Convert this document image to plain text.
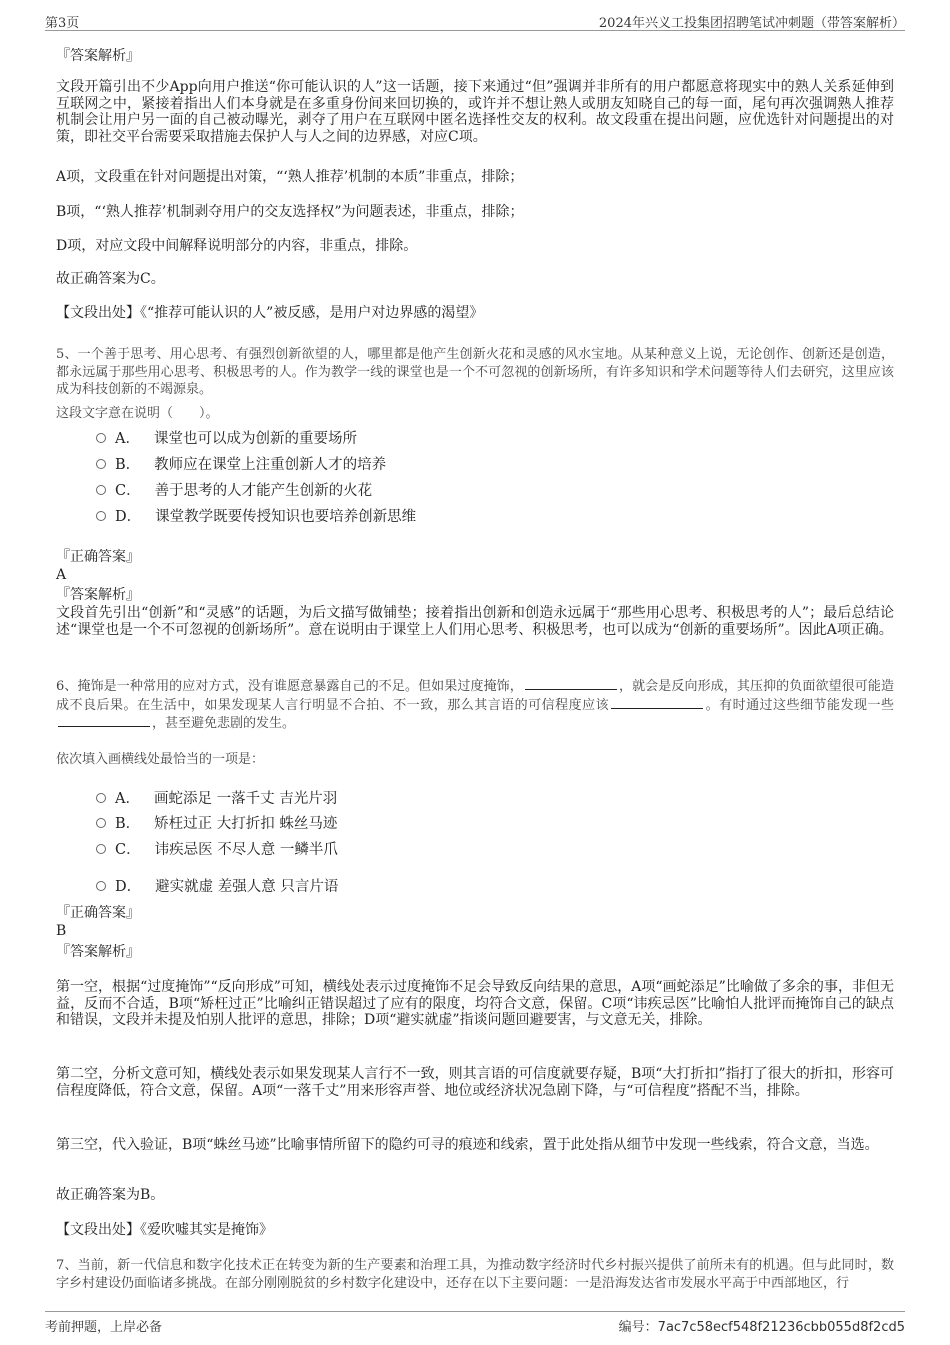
第3页	2024年兴义工投集团招聘笔试冲刺题（带答案解析）
『答案解析』
文段开篇引出不少App向用户推送“你可能认识的人”这一话题，接下来通过“但”强调并非所有的用户都愿意将现实中的熟人关系延伸到互联网之中，紧接着指出人们本身就是在多重身份间来回切换的，或许并不想让熟人或朋友知晓自己的每一面，尾句再次强调熟人推荐机制会让用户另一面的自己被动曝光，剥夺了用户在互联网中匿名选择性交友的权利。故文段重在提出问题，应优选针对问题提出的对策，即社交平台需要采取措施去保护人与人之间的边界感，对应C项。
A项，文段重在针对问题提出对策，“‘熟人推荐’机制的本质”非重点，排除；
B项，“‘熟人推荐’机制剥夺用户的交友选择权”为问题表述，非重点，排除；
D项，对应文段中间解释说明部分的内容，非重点，排除。
故正确答案为C。
【文段出处】《“推荐可能认识的人”被反感，是用户对边界感的渴望》
5、一个善于思考、用心思考、有强烈创新欲望的人，哪里都是他产生创新火花和灵感的风水宝地。从某种意义上说，无论创作、创新还是创造，都永远属于那些用心思考、积极思考的人。作为教学一线的课堂也是一个不可忽视的创新场所，有许多知识和学术问题等待人们去研究，这里应该成为科技创新的不竭源泉。
这段文字意在说明（　　）。
A． 课堂也可以成为创新的重要场所
B． 教师应在课堂上注重创新人才的培养
C． 善于思考的人才能产生创新的火花
D． 课堂教学既要传授知识也要培养创新思维
『正确答案』
A
『答案解析』
文段首先引出“创新”和“灵感”的话题，为后文描写做铺垫；接着指出创新和创造永远属于“那些用心思考、积极思考的人”；最后总结论述“课堂也是一个不可忽视的创新场所”。意在说明由于课堂上人们用心思考、积极思考，也可以成为“创新的重要场所”。因此A项正确。
6、掩饰是一种常用的应对方式，没有谁愿意暴露自己的不足。但如果过度掩饰，	，就会是反向形成，其压抑的负面欲望很可能造成不良后果。在生活中，如果发现某人言行明显不合拍、不一致，那么其言语的可信程度应该	。有时通过这些细节能发现一些，甚至避免悲剧的发生。
依次填入画横线处最恰当的一项是：
A． 画蛇添足 一落千丈 吉光片羽
B． 矫枉过正 大打折扣 蛛丝马迹
C． 讳疾忌医 不尽人意 一鳞半爪
D． 避实就虚 差强人意 只言片语
『正确答案』
B
『答案解析』
第一空，根据“过度掩饰”“反向形成”可知，横线处表示过度掩饰不足会导致反向结果的意思，A项“画蛇添足”比喻做了多余的事，非但无益，反而不合适，B项“矫枉过正”比喻纠正错误超过了应有的限度，均符合文意，保留。C项“讳疾忌医”比喻怕人批评而掩饰自己的缺点和错误，文段并未提及怕别人批评的意思，排除；D项“避实就虚”指谈问题回避要害，与文意无关，排除。
第二空，分析文意可知，横线处表示如果发现某人言行不一致，则其言语的可信度就要存疑，B项“大打折扣”指打了很大的折扣，形容可信程度降低，符合文意，保留。A项“一落千丈”用来形容声誉、地位或经济状况急剧下降，与“可信程度”搭配不当，排除。
第三空，代入验证，B项“蛛丝马迹”比喻事情所留下的隐约可寻的痕迹和线索，置于此处指从细节中发现一些线索，符合文意，当选。
故正确答案为B。
【文段出处】《爱吹嘘其实是掩饰》
7、当前，新一代信息和数字化技术正在转变为新的生产要素和治理工具，为推动数字经济时代乡村振兴提供了前所未有的机遇。但与此同时，数字乡村建设仍面临诸多挑战。在部分刚刚脱贫的乡村数字化建设中，还存在以下主要问题：一是沿海发达省市发展水平高于中西部地区，行
考前押题，上岸必备	编号：7ac7c58ecf548f21236cbb055d8f2cd5
